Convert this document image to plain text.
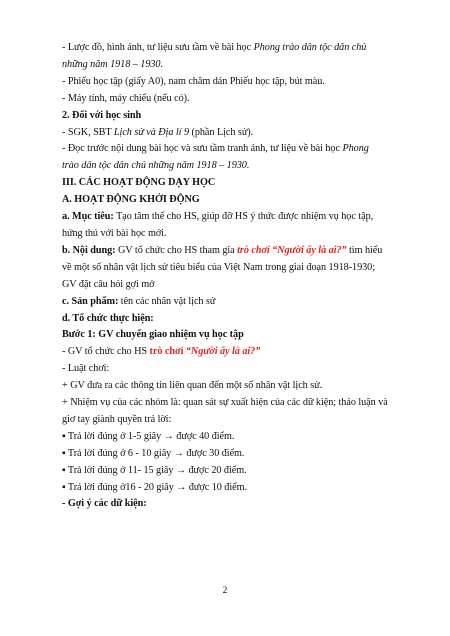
- Lược đồ, hình ảnh, tư liệu sưu tầm về bài học Phong trào dân tộc dân chủ
những năm 1918 – 1930.
- Phiếu học tập (giấy A0), nam châm dán Phiếu học tập, bút màu.
- Máy tính, máy chiếu (nếu có).
2. Đối với học sinh
- SGK, SBT Lịch sử và Địa lí 9 (phần Lịch sử).
- Đọc trước nội dung bài học và sưu tầm tranh ảnh, tư liệu về bài học Phong
trào dân tộc dân chủ những năm 1918 – 1930.
III. CÁC HOẠT ĐỘNG DẠY HỌC
A. HOẠT ĐỘNG KHỞI ĐỘNG
a. Mục tiêu: Tạo tâm thế cho HS, giúp đỡ HS ý thức được nhiệm vụ học tập,
hứng thú với bài học mới.
b. Nội dung: GV tổ chức cho HS tham gia trò chơi “Người ấy là ai?” tìm hiểu
về một số nhân vật lịch sử tiêu biểu của Việt Nam trong giai đoạn 1918-1930;
GV đặt câu hỏi gợi mở
c. Sản phẩm: tên các nhân vật lịch sử
d. Tổ chức thực hiện:
Bước 1: GV chuyển giao nhiệm vụ học tập
- GV tổ chức cho HS trò chơi “Người ấy là ai?”
- Luật chơi:
+ GV đưa ra các thông tin liên quan đến một số nhân vật lịch sử.
+ Nhiệm vụ của các nhóm là: quan sát sự xuất hiện của các dữ kiện; thảo luận và
giơ tay giành quyền trả lời:
▪ Trả lời đúng ở 1-5 giây → được 40 điểm.
▪ Trả lời đúng ở 6 - 10 giây → được 30 điểm.
▪ Trả lời đúng ở 11- 15 giây → được 20 điểm.
▪ Trả lời đúng ở16 - 20 giây → được 10 điểm.
- Gợi ý các dữ kiện:
2
